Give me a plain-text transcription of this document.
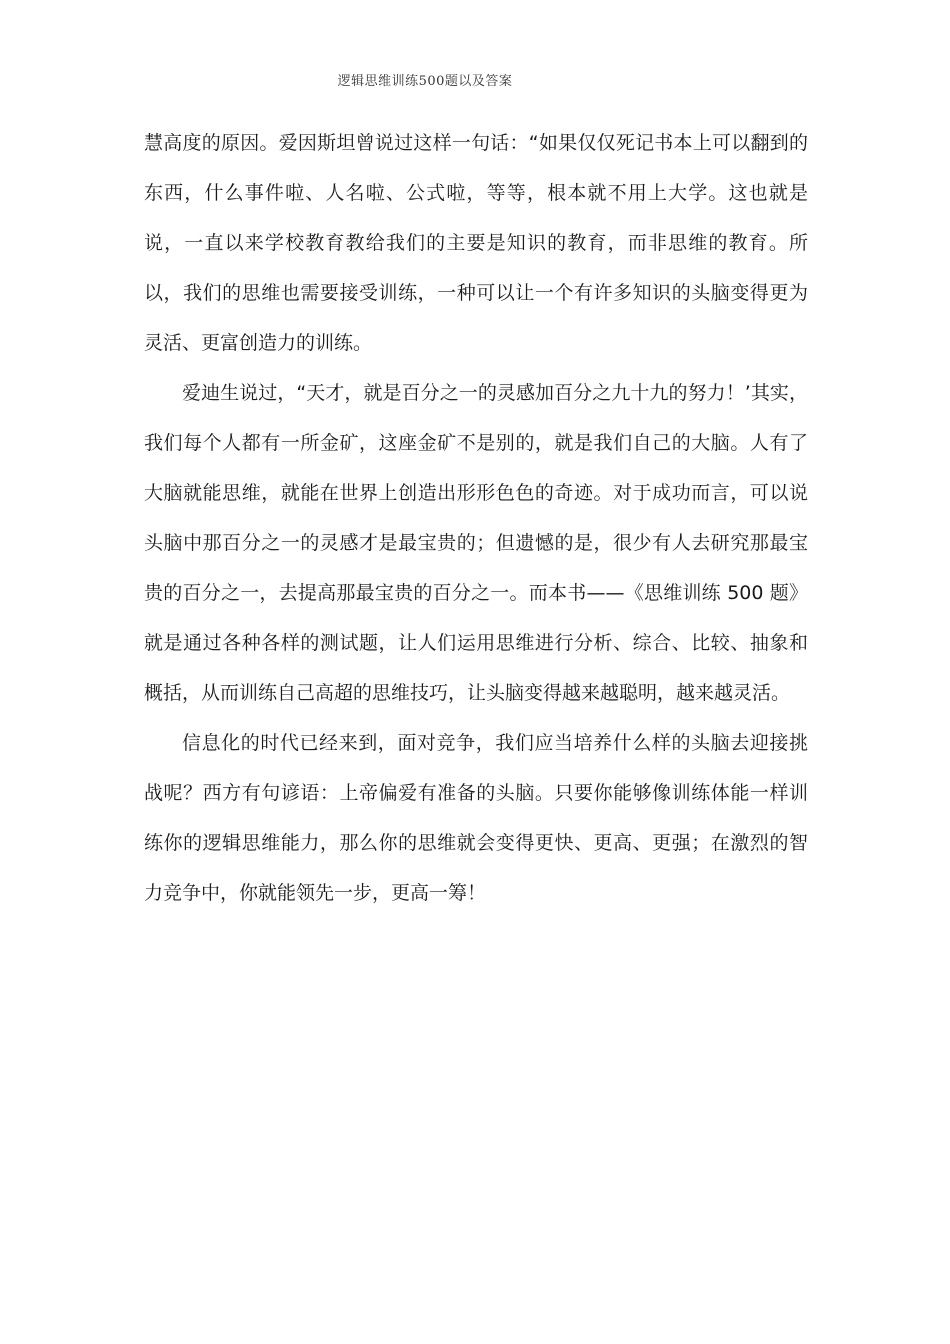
逻辑思维训练500题以及答案

慧高度的原因。爱因斯坦曾说过这样一句话：“如果仅仅死记书本上可以翻到的东西，什么事件啦、人名啦、公式啦，等等，根本就不用上大学。这也就是说，一直以来学校教育教给我们的主要是知识的教育，而非思维的教育。所以，我们的思维也需要接受训练，一种可以让一个有许多知识的头脑变得更为灵活、更富创造力的训练。

爱迪生说过，“天才，就是百分之一的灵感加百分之九十九的努力！’其实，我们每个人都有一所金矿，这座金矿不是别的，就是我们自己的大脑。人有了大脑就能思维，就能在世界上创造出形形色色的奇迹。对于成功而言，可以说头脑中那百分之一的灵感才是最宝贵的；但遗憾的是，很少有人去研究那最宝贵的百分之一，去提高那最宝贵的百分之一。而本书——《思维训练 500 题》就是通过各种各样的测试题，让人们运用思维进行分析、综合、比较、抽象和概括，从而训练自己高超的思维技巧，让头脑变得越来越聪明，越来越灵活。

信息化的时代已经来到，面对竞争，我们应当培养什么样的头脑去迎接挑战呢？西方有句谚语：上帝偏爱有准备的头脑。只要你能够像训练体能一样训练你的逻辑思维能力，那么你的思维就会变得更快、更高、更强；在激烈的智力竞争中，你就能领先一步，更高一筹！
